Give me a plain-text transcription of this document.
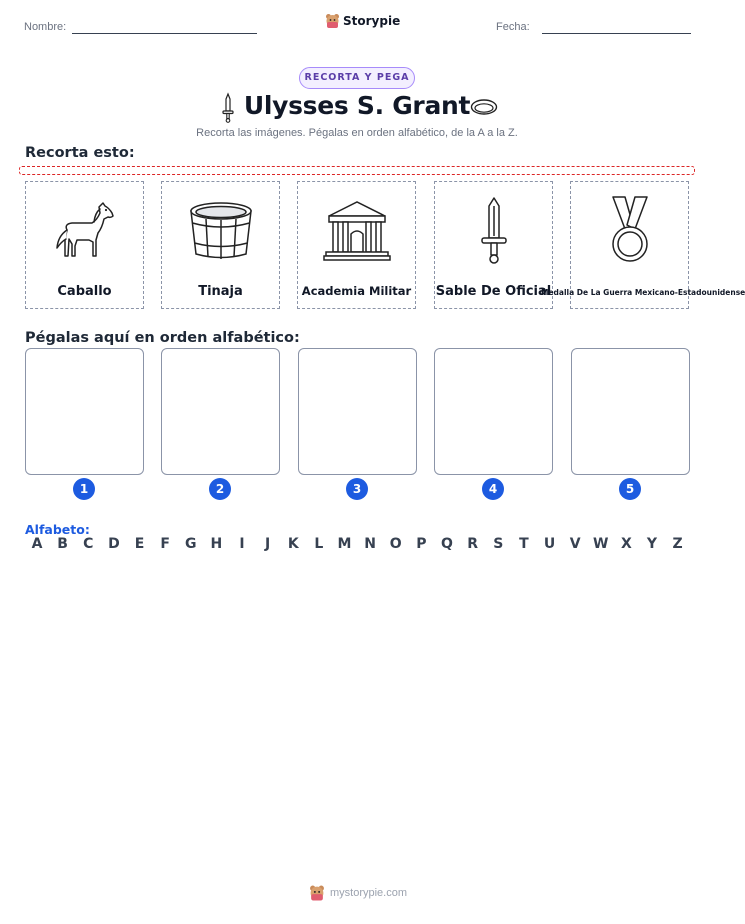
Nombre:	Storypie	Fecha:
RECORTA Y PEGA
Ulysses S. Grant
Recorta las imágenes. Pégalas en orden alfabético, de la A a la Z.
Recorta esto:
Caballo	Tinaja	Academia Militar	Sable De Oficial
Medalla De La Guerra Mexicano-Estadounidense
Pégalas aquí en orden alfabético:
1	2	3	4	5
Alfabeto:
A	B	C	D	E	F	G	H	I	J	K	L	M N O	P	Q	R	S	T	U	V W X	Y	Z
mystorypie.com
